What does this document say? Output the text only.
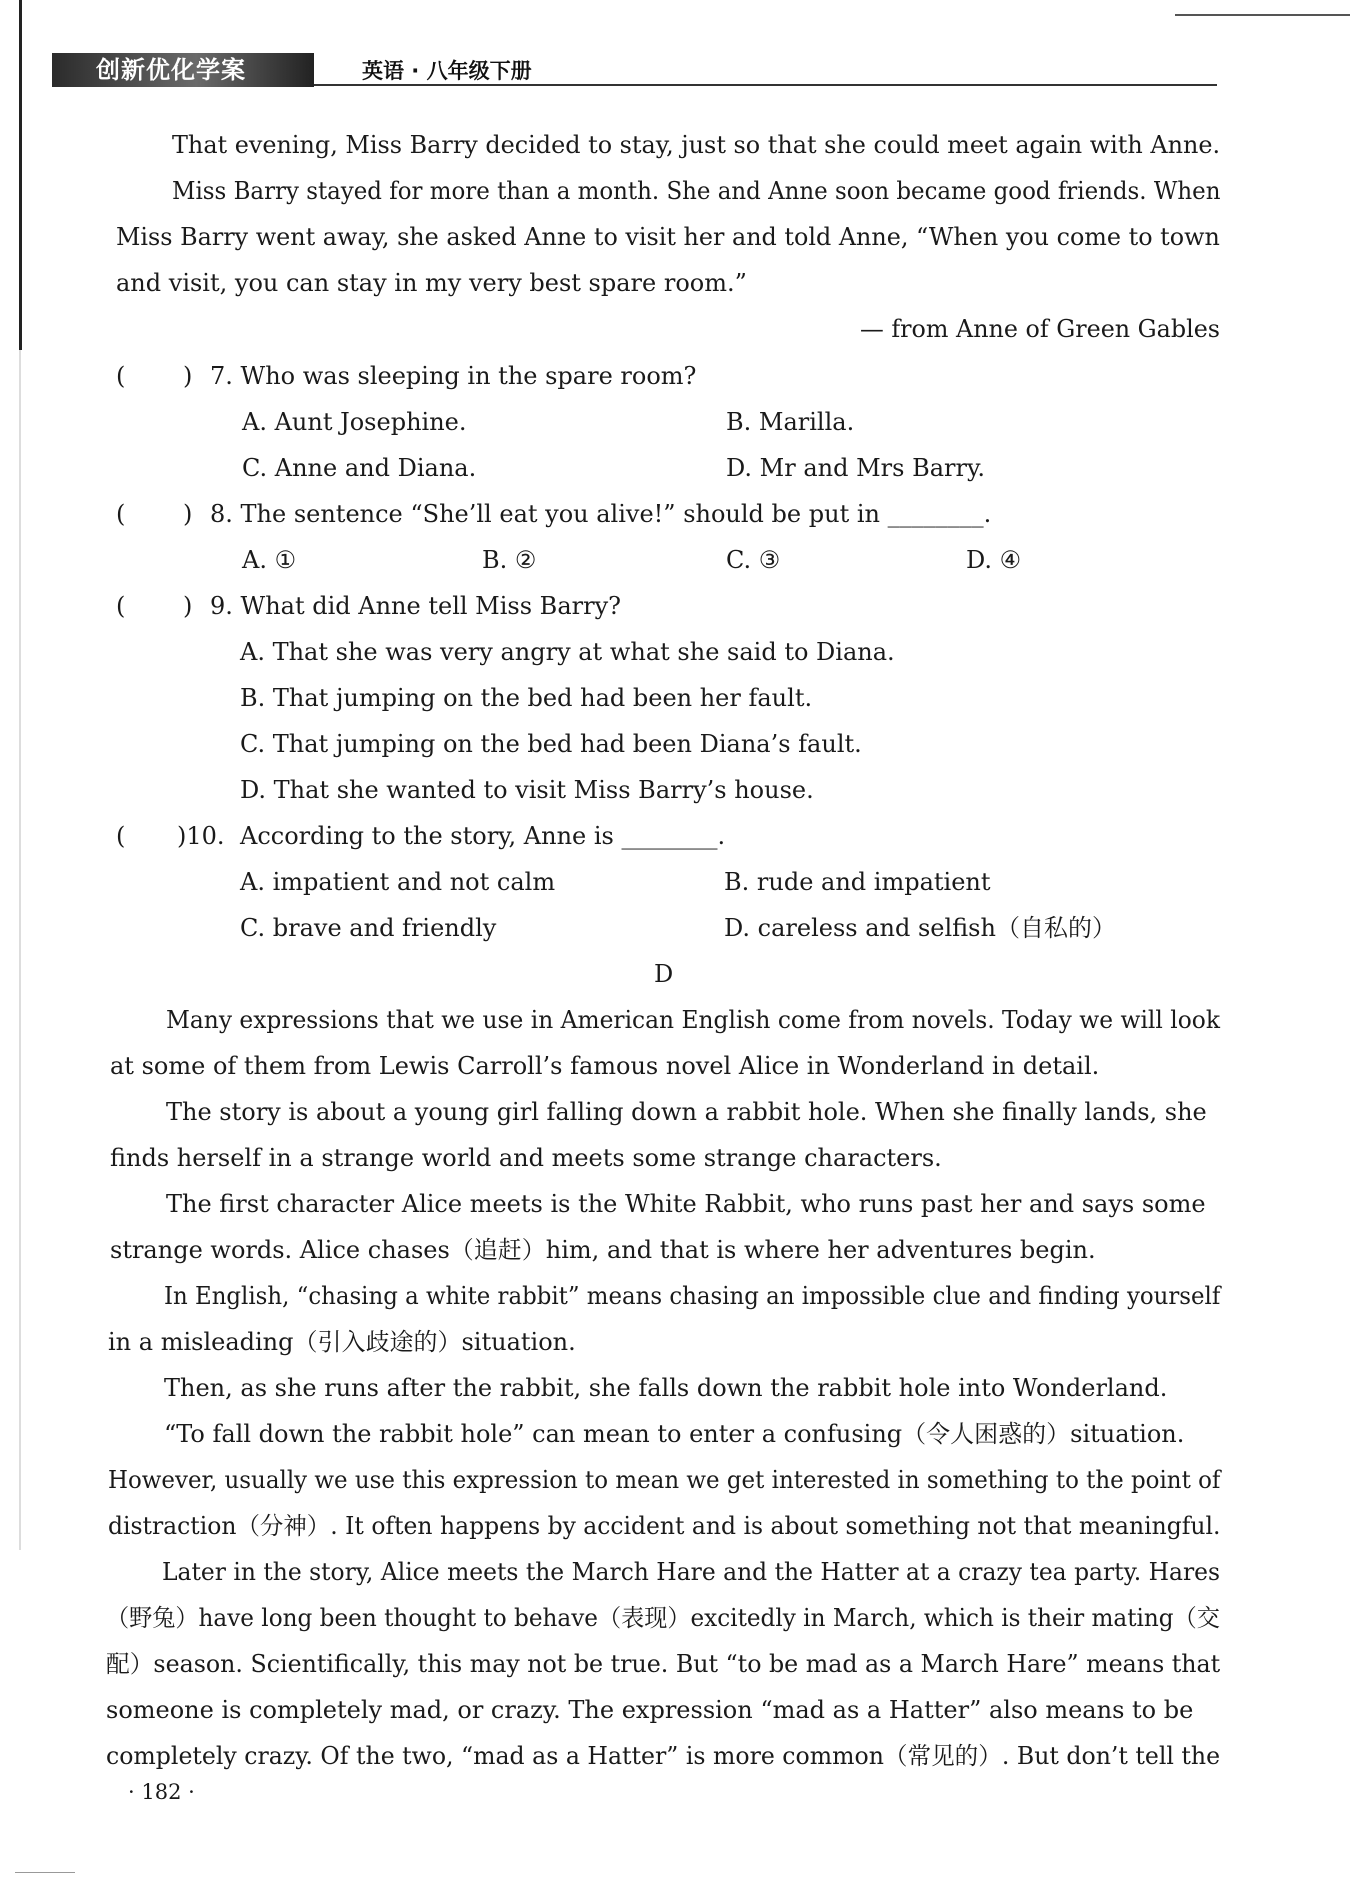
创新优化学案	英语 · 八年级下册
That evening, Miss Barry decided to stay, just so that she could meet again with Anne.
Miss Barry stayed for more than a month. She and Anne soon became good friends. When
Miss Barry went away, she asked Anne to visit her and told Anne, “When you come to town
and visit, you can stay in my very best spare room.”
— from Anne of Green Gables
( ) 7. Who was sleeping in the spare room?
A. Aunt Josephine.	B. Marilla.
C. Anne and Diana.	D. Mr and Mrs Barry.
( ) 8. The sentence “She’ll eat you alive!” should be put in ________.
A. ①	B. ②	C. ③	D. ④
( ) 9. What did Anne tell Miss Barry?
A. That she was very angry at what she said to Diana.
B. That jumping on the bed had been her fault.
C. That jumping on the bed had been Diana’s fault.
D. That she wanted to visit Miss Barry’s house.
( )10. According to the story, Anne is ________.
A. impatient and not calm	B. rude and impatient
C. brave and friendly	D. careless and selfish（自私的）
D
Many expressions that we use in American English come from novels. Today we will look
at some of them from Lewis Carroll’s famous novel Alice in Wonderland in detail.
The story is about a young girl falling down a rabbit hole. When she finally lands, she
finds herself in a strange world and meets some strange characters.
The first character Alice meets is the White Rabbit, who runs past her and says some
strange words. Alice chases（追赶）him, and that is where her adventures begin.
In English, “chasing a white rabbit” means chasing an impossible clue and finding yourself
in a misleading（引入歧途的）situation.
Then, as she runs after the rabbit, she falls down the rabbit hole into Wonderland.
“To fall down the rabbit hole” can mean to enter a confusing（令人困惑的）situation.
However, usually we use this expression to mean we get interested in something to the point of
distraction（分神）. It often happens by accident and is about something not that meaningful.
Later in the story, Alice meets the March Hare and the Hatter at a crazy tea party. Hares
（野兔）have long been thought to behave（表现）excitedly in March, which is their mating（交
配）season. Scientifically, this may not be true. But “to be mad as a March Hare” means that
someone is completely mad, or crazy. The expression “mad as a Hatter” also means to be
completely crazy. Of the two, “mad as a Hatter” is more common（常见的）. But don’t tell the
· 182 ·
